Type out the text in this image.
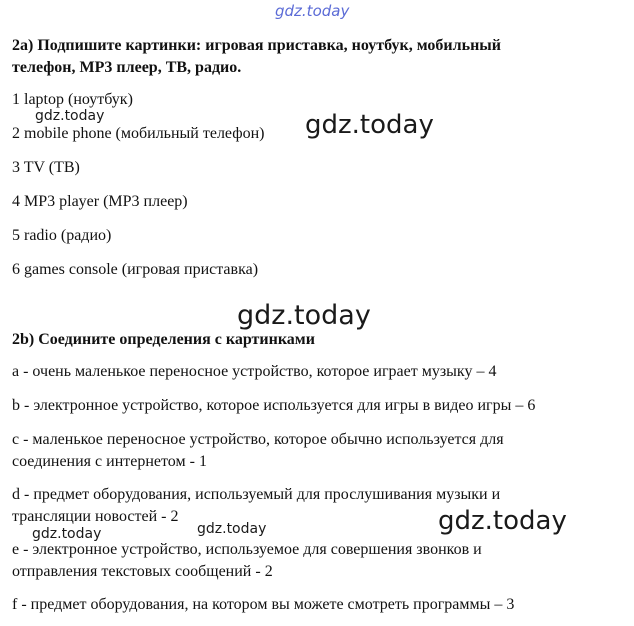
gdz.today
2a) Подпишите картинки: игровая приставка, ноутбук, мобильный
телефон, MP3 плеер, ТВ, радио.
1 laptop (ноутбук)
2 mobile phone (мобильный телефон)
3 TV (ТВ)
4 MP3 player (MP3 плеер)
5 radio (радио)
6 games console (игровая приставка)
gdz.today	gdz.today
gdz.today
2b) Соедините определения с картинками
a - очень маленькое переносное устройство, которое играет музыку – 4
b - электронное устройство, которое используется для игры в видео игры – 6
c - маленькое переносное устройство, которое обычно используется для
соединения с интернетом - 1
d - предмет оборудования, используемый для прослушивания музыки и
трансляции новостей - 2
e - электронное устройство, используемое для совершения звонков и
отправления текстовых сообщений - 2
f - предмет оборудования, на котором вы можете смотреть программы – 3
gdz.today	gdz.today	gdz.today
